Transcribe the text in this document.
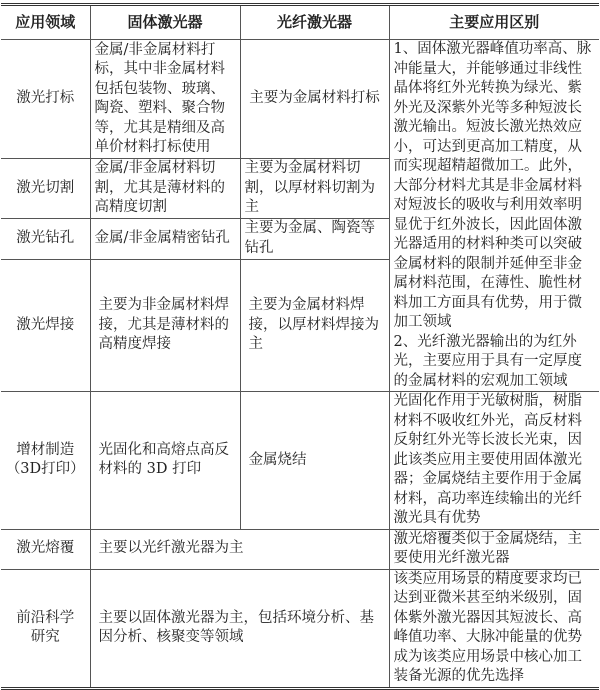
应用领域	固体激光器	光纤激光器	主要应用区别
激光打标	金属/非金属材料打标，其中非金属材料包括包装物、玻璃、陶瓷、塑料、聚合物等，尤其是精细及高单价材料打标使用	主要为金属材料打标	1、固体激光器峰值功率高、脉冲能量大，并能够通过非线性晶体将红外光转换为绿光、紫外光及深紫外光等多种短波长激光输出。短波长激光热效应小，可达到更高加工精度，从而实现超精超微加工。此外，大部分材料尤其是非金属材料对短波长的吸收与利用效率明显优于红外波长，因此固体激光器适用的材料种类可以突破金属材料的限制并延伸至非金属材料范围，在薄性、脆性材料加工方面具有优势，用于微加工领域
2、光纤激光器输出的为红外光，主要应用于具有一定厚度的金属材料的宏观加工领域

激光切割	金属/非金属材料切割，尤其是薄材料的高精度切割	主要为金属材料切割，以厚材料切割为主	
激光钻孔	金属/非金属精密钻孔	主要为金属、陶瓷等钻孔	
激光焊接	主要为非金属材料焊接，尤其是薄材料的高精度焊接	主要为金属材料焊接，以厚材料焊接为主	
增材制造（3D打印）	光固化和高熔点高反材料的 3D 打印	金属烧结	光固化作用于光敏树脂，树脂材料不吸收红外光，高反材料反射红外光等长波长光束，因此该类应用主要使用固体激光器；金属烧结主要作用于金属材料，高功率连续输出的光纤激光具有优势
激光熔覆	主要以光纤激光器为主		激光熔覆类似于金属烧结，主要使用光纤激光器
前沿科学研究	主要以固体激光器为主，包括环境分析、基因分析、核聚变等领域		该类应用场景的精度要求均已达到亚微米甚至纳米级别，固体紫外激光器因其短波长、高峰值功率、大脉冲能量的优势成为该类应用场景中核心加工装备光源的优先选择
